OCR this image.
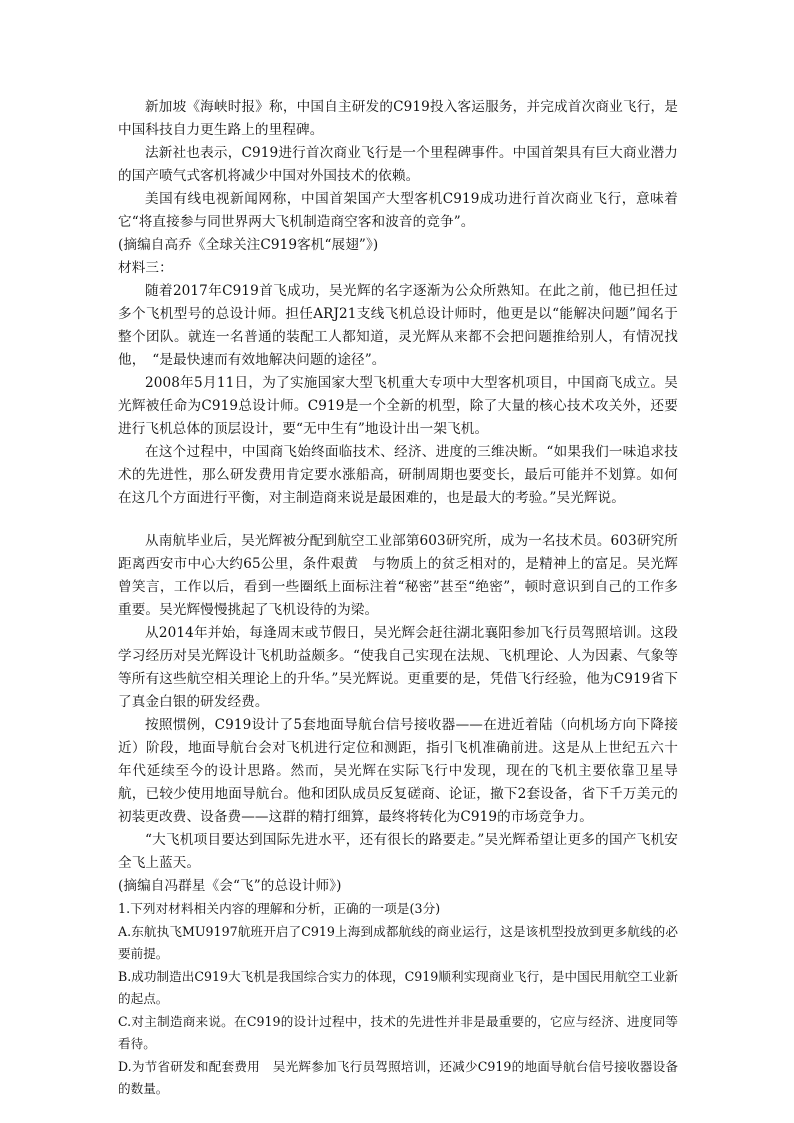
新加坡《海峡时报》称，中国自主研发的C919投入客运服务，并完成首次商业飞行，是中国科技自力更生路上的里程碑。

法新社也表示，C919进行首次商业飞行是一个里程碑事件。中国首架具有巨大商业潜力的国产喷气式客机将减少中国对外国技术的依赖。

美国有线电视新闻网称，中国首架国产大型客机C919成功进行首次商业飞行，意味着它“将直接参与同世界两大飞机制造商空客和波音的竞争”。

(摘编自高乔《全球关注C919客机“展翅”》)

材料三：

随着2017年C919首飞成功，吴光辉的名字逐渐为公众所熟知。在此之前，他已担任过多个飞机型号的总设计师。担任ARJ21支线飞机总设计师时，他更是以“能解决问题”闻名于整个团队。就连一名普通的装配工人都知道，灵光辉从来都不会把问题推给别人，有情况找他，　“是最快速而有效地解决问题的途径”。

2008年5月11日，为了实施国家大型飞机重大专项中大型客机项目，中国商飞成立。吴光辉被任命为C919总设计师。C919是一个全新的机型，除了大量的核心技术攻关外，还要进行飞机总体的顶层设计，要“无中生有”地设计出一架飞机。

在这个过程中，中国商飞始终面临技术、经济、进度的三维决断。“如果我们一味追求技术的先进性，那么研发费用肯定要水涨船高，研制周期也要变长，最后可能并不划算。如何在这几个方面进行平衡，对主制造商来说是最困难的，也是最大的考验。”吴光辉说。

从南航毕业后，吴光辉被分配到航空工业部第603研究所，成为一名技术员。603研究所距离西安市中心大约65公里，条件艰黄　与物质上的贫乏相对的，是精神上的富足。吴光辉曾笑言，工作以后，看到一些圈纸上面标注着“秘密”甚至“绝密”，顿时意识到自己的工作多重要。吴光辉慢慢挑起了飞机设待的为梁。

从2014年并始，每逢周末或节假日，吴光辉会赶往湖北襄阳参加飞行员驾照培训。这段学习经历对吴光辉设计飞机助益颇多。“使我自己实现在法规、飞机理论、人为因素、气象等等所有这些航空相关理论上的升华。”吴光辉说。更重要的是，凭借飞行经验，他为C919省下了真金白银的研发经费。

按照惯例，C919设计了5套地面导航台信号接收器——在进近着陆（向机场方向下降接近）阶段，地面导航台会对飞机进行定位和测距，指引飞机准确前进。这是从上世纪五六十年代延续至今的设计思路。然而，吴光辉在实际飞行中发现，现在的飞机主要依靠卫星导航，已较少使用地面导航台。他和团队成员反复磋商、论证，撤下2套设备，省下千万美元的初装更改费、设备费——这群的精打细算，最终将转化为C919的市场竞争力。

“大飞机项目要达到国际先进水平，还有很长的路要走。”吴光辉希望让更多的国产飞机安全飞上蓝天。

(摘编自冯群星《会“飞”的总设计师》)

1.下列对材料相关内容的理解和分析，正确的一项是(3分)

A.东航执飞MU9197航班开启了C919上海到成都航线的商业运行，这是该机型投放到更多航线的必要前提。

B.成功制造出C919大飞机是我国综合实力的体现，C919顺利实现商业飞行，是中国民用航空工业新的起点。

C.对主制造商来说。在C919的设计过程中，技术的先进性并非是最重要的，它应与经济、进度同等看待。

D.为节省研发和配套费用　吴光辉参加飞行员驾照培训，还减少C919的地面导航台信号接收器设备的数量。
